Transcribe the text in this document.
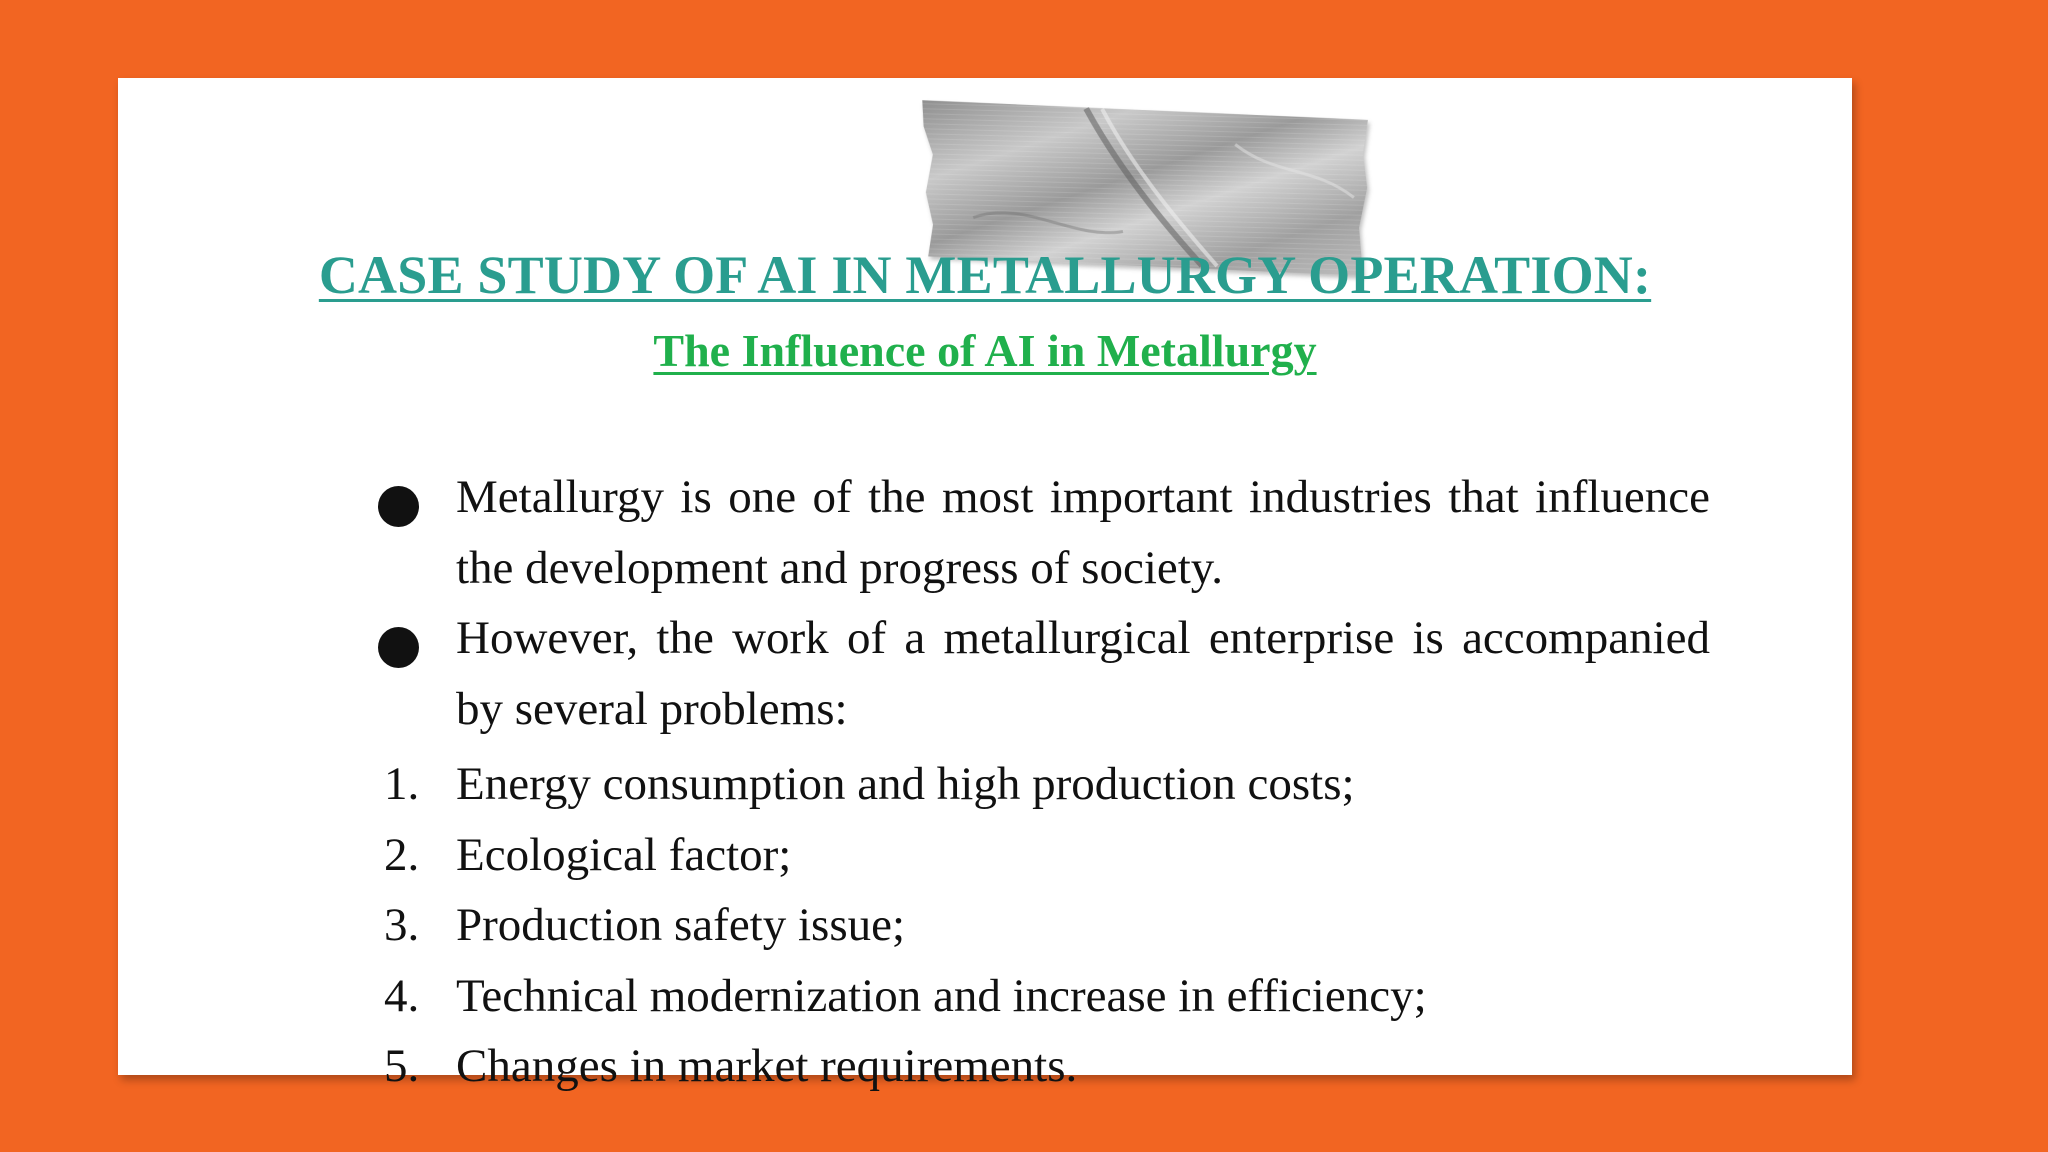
CASE STUDY OF AI IN METALLURGY OPERATION:
The Influence of AI in Metallurgy
Metallurgy is one of the most important industries that influence the development and progress of society.
However, the work of a metallurgical enterprise is accompanied by several problems:
1. Energy consumption and high production costs;
2. Ecological factor;
3. Production safety issue;
4. Technical modernization and increase in efficiency;
5. Changes in market requirements.
